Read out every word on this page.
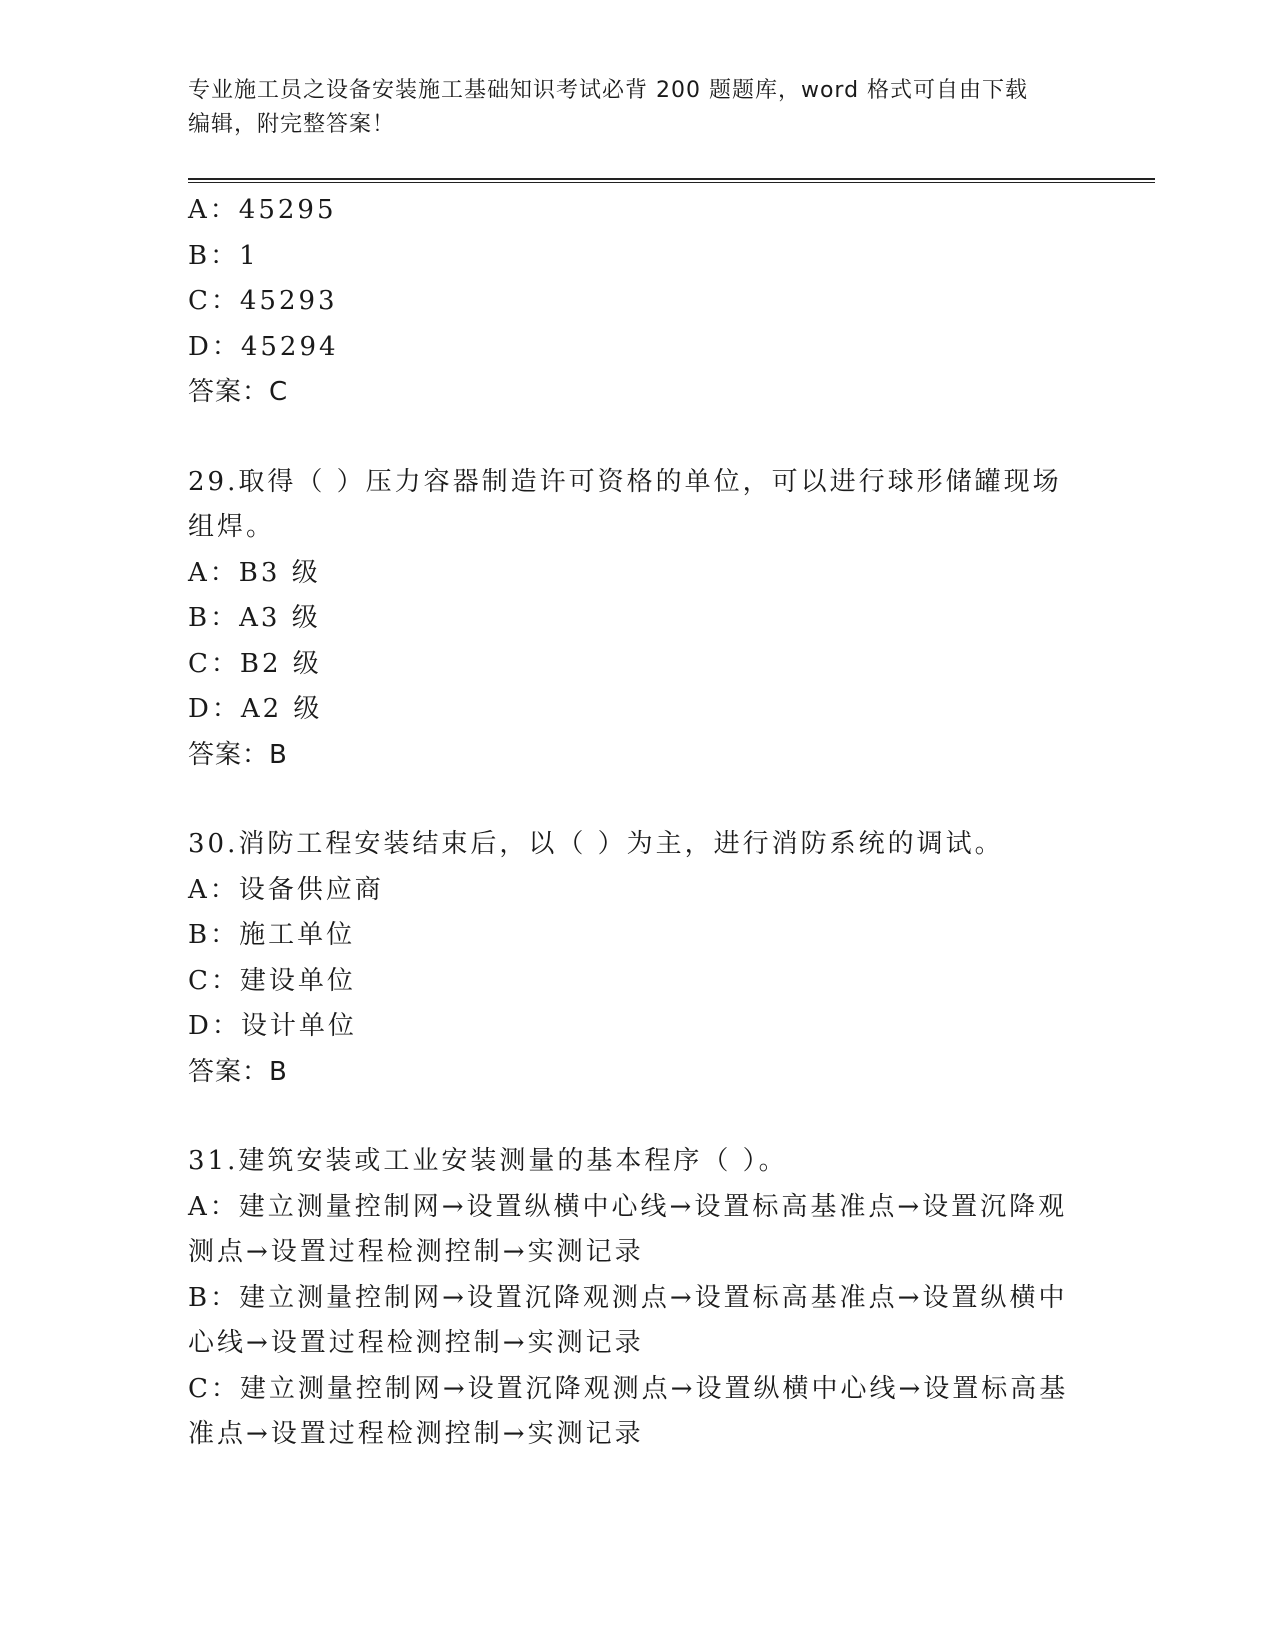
专业施工员之设备安装施工基础知识考试必背 200 题题库，word 格式可自由下载
编辑，附完整答案！
A：45295
B：1
C：45293
D：45294
答案：C
29.取得（ ）压力容器制造许可资格的单位，可以进行球形储罐现场
组焊。
A：B3 级
B：A3 级
C：B2 级
D：A2 级
答案：B
30.消防工程安装结束后，以（ ）为主，进行消防系统的调试。
A：设备供应商
B：施工单位
C：建设单位
D：设计单位
答案：B
31.建筑安装或工业安装测量的基本程序（ ）。
A：建立测量控制网→设置纵横中心线→设置标高基准点→设置沉降观
测点→设置过程检测控制→实测记录
B：建立测量控制网→设置沉降观测点→设置标高基准点→设置纵横中
心线→设置过程检测控制→实测记录
C：建立测量控制网→设置沉降观测点→设置纵横中心线→设置标高基
准点→设置过程检测控制→实测记录
